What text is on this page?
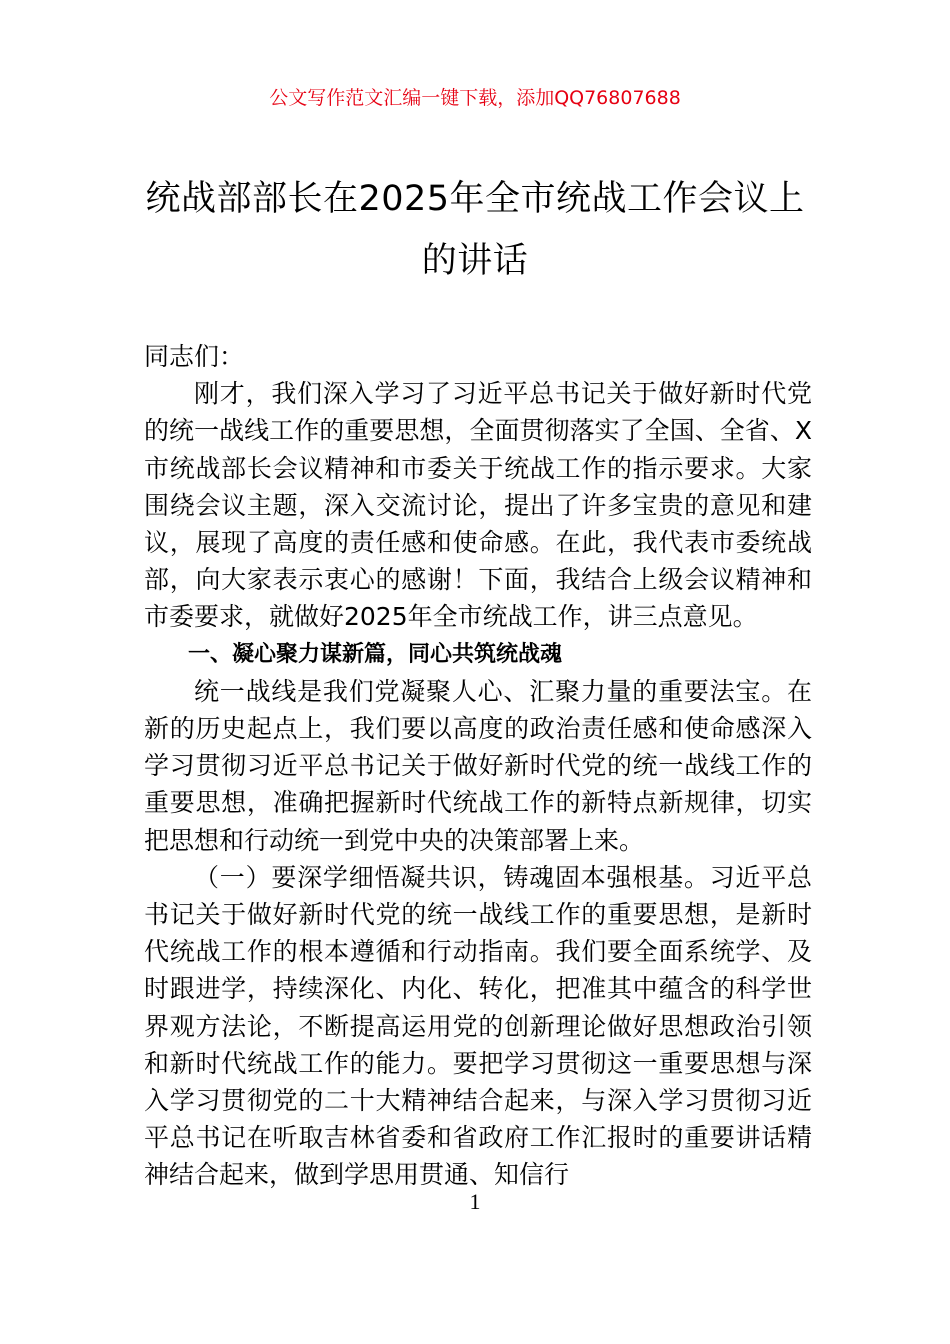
公文写作范文汇编一键下载，添加QQ76807688
统战部部长在2025年全市统战工作会议上
的讲话

同志们：

刚才，我们深入学习了习近平总书记关于做好新时代党的统一战线工作的重要思想，全面贯彻落实了全国、全省、X市统战部长会议精神和市委关于统战工作的指示要求。大家围绕会议主题，深入交流讨论，提出了许多宝贵的意见和建议，展现了高度的责任感和使命感。在此，我代表市委统战部，向大家表示衷心的感谢！下面，我结合上级会议精神和市委要求，就做好2025年全市统战工作，讲三点意见。

一、凝心聚力谋新篇，同心共筑统战魂

统一战线是我们党凝聚人心、汇聚力量的重要法宝。在新的历史起点上，我们要以高度的政治责任感和使命感深入学习贯彻习近平总书记关于做好新时代党的统一战线工作的重要思想，准确把握新时代统战工作的新特点新规律，切实把思想和行动统一到党中央的决策部署上来。

（一）要深学细悟凝共识，铸魂固本强根基。习近平总书记关于做好新时代党的统一战线工作的重要思想，是新时代统战工作的根本遵循和行动指南。我们要全面系统学、及时跟进学，持续深化、内化、转化，把准其中蕴含的科学世界观方法论，不断提高运用党的创新理论做好思想政治引领和新时代统战工作的能力。要把学习贯彻这一重要思想与深入学习贯彻党的二十大精神结合起来，与深入学习贯彻习近平总书记在听取吉林省委和省政府工作汇报时的重要讲话精神结合起来，做到学思用贯通、知信行

1
